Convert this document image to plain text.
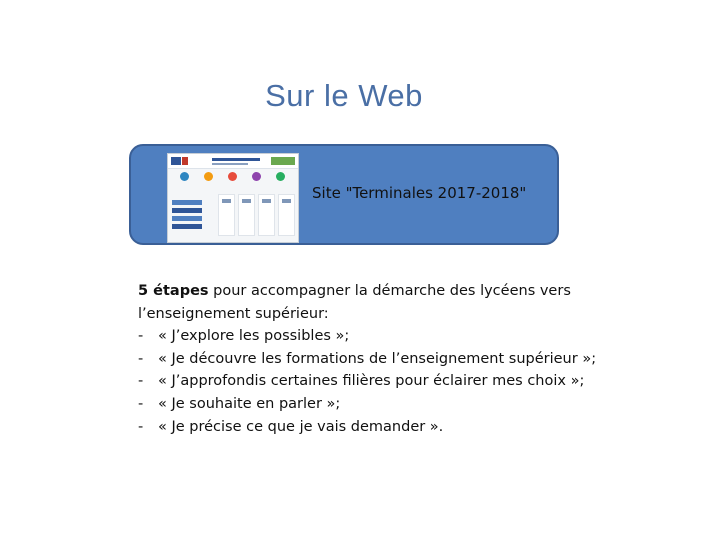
Sur le Web
Site "Terminales 2017-2018"
5 étapes pour accompagner la démarche des lycéens vers
l’enseignement supérieur:
- « J’explore les possibles »;
- « Je découvre les formations de l’enseignement supérieur »;
- « J’approfondis certaines filières pour éclairer mes choix »;
- « Je souhaite en parler »;
- « Je précise ce que je vais demander ».
